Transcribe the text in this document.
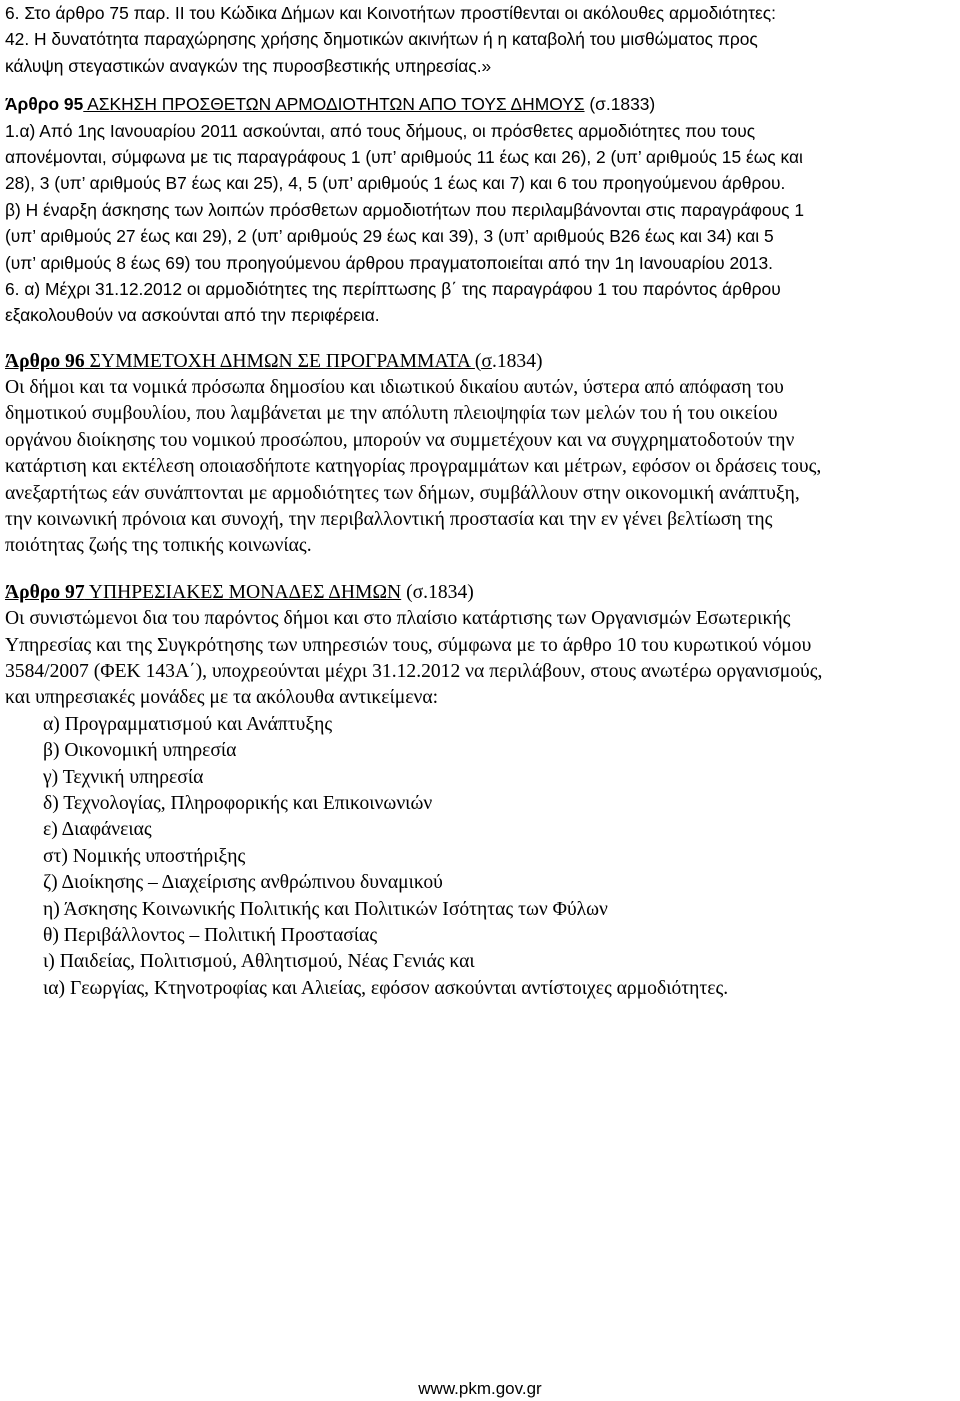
6. Στο άρθρο 75 παρ. ΙΙ του Κώδικα Δήμων και Κοινοτήτων προστίθενται οι ακόλουθες αρμοδιότητες:
42. Η δυνατότητα παραχώρησης χρήσης δημοτικών ακινήτων ή η καταβολή του μισθώματος προς
κάλυψη στεγαστικών αναγκών της πυροσβεστικής υπηρεσίας.»
Άρθρο 95 ΑΣΚΗΣΗ ΠΡΟΣΘΕΤΩΝ ΑΡΜΟΔΙΟΤΗΤΩΝ ΑΠΟ ΤΟΥΣ ΔΗΜΟΥΣ (σ.1833)
1.α) Από 1ης Ιανουαρίου 2011 ασκούνται, από τους δήμους, οι πρόσθετες αρμοδιότητες που τους
απονέμονται, σύμφωνα με τις παραγράφους 1 (υπ’ αριθμούς 11 έως και 26), 2 (υπ’ αριθμούς 15 έως και
28), 3 (υπ’ αριθμούς Β7 έως και 25), 4, 5 (υπ’ αριθμούς 1 έως και 7) και 6 του προηγούμενου άρθρου.
β) Η έναρξη άσκησης των λοιπών πρόσθετων αρμοδιοτήτων που περιλαμβάνονται στις παραγράφους 1
(υπ’ αριθμούς 27 έως και 29), 2 (υπ’ αριθμούς 29 έως και 39), 3 (υπ’ αριθμούς Β26 έως και 34) και 5
(υπ’ αριθμούς 8 έως 69) του προηγούμενου άρθρου πραγματοποιείται από την 1η Ιανουαρίου 2013.
6. α) Μέχρι 31.12.2012 οι αρμοδιότητες της περίπτωσης β΄ της παραγράφου 1 του παρόντος άρθρου
εξακολουθούν να ασκούνται από την περιφέρεια.
Άρθρο 96 ΣΥΜΜΕΤΟΧΗ ΔΗΜΩΝ ΣΕ ΠΡΟΓΡΑΜΜΑΤΑ (σ.1834)
Οι δήμοι και τα νομικά πρόσωπα δημοσίου και ιδιωτικού δικαίου αυτών, ύστερα από απόφαση του
δημοτικού συμβουλίου, που λαμβάνεται με την απόλυτη πλειοψηφία των μελών του ή του οικείου
οργάνου διοίκησης του νομικού προσώπου, μπορούν να συμμετέχουν και να συγχρηματοδοτούν την
κατάρτιση και εκτέλεση οποιασδήποτε κατηγορίας προγραμμάτων και μέτρων, εφόσον οι δράσεις τους,
ανεξαρτήτως εάν συνάπτονται με αρμοδιότητες των δήμων, συμβάλλουν στην οικονομική ανάπτυξη,
την κοινωνική πρόνοια και συνοχή, την περιβαλλοντική προστασία και την εν γένει βελτίωση της
ποιότητας ζωής της τοπικής κοινωνίας.
Άρθρο 97 ΥΠΗΡΕΣΙΑΚΕΣ ΜΟΝΑΔΕΣ ΔΗΜΩΝ (σ.1834)
Οι συνιστώμενοι δια του παρόντος δήμοι και στο πλαίσιο κατάρτισης των Οργανισμών Εσωτερικής
Υπηρεσίας και της Συγκρότησης των υπηρεσιών τους, σύμφωνα με το άρθρο 10 του κυρωτικού νόμου
3584/2007 (ΦΕΚ 143Α΄), υποχρεούνται μέχρι 31.12.2012 να περιλάβουν, στους ανωτέρω οργανισμούς,
και υπηρεσιακές μονάδες με τα ακόλουθα αντικείμενα:
α) Προγραμματισμού και Ανάπτυξης
β) Οικονομική υπηρεσία
γ) Τεχνική υπηρεσία
δ) Τεχνολογίας, Πληροφορικής και Επικοινωνιών
ε) Διαφάνειας
στ) Νομικής υποστήριξης
ζ) Διοίκησης – Διαχείρισης ανθρώπινου δυναμικού
η) Άσκησης Κοινωνικής Πολιτικής και Πολιτικών Ισότητας των Φύλων
θ) Περιβάλλοντος – Πολιτική Προστασίας
ι) Παιδείας, Πολιτισμού, Αθλητισμού, Νέας Γενιάς και
ια) Γεωργίας, Κτηνοτροφίας και Αλιείας, εφόσον ασκούνται αντίστοιχες αρμοδιότητες.
www.pkm.gov.gr
